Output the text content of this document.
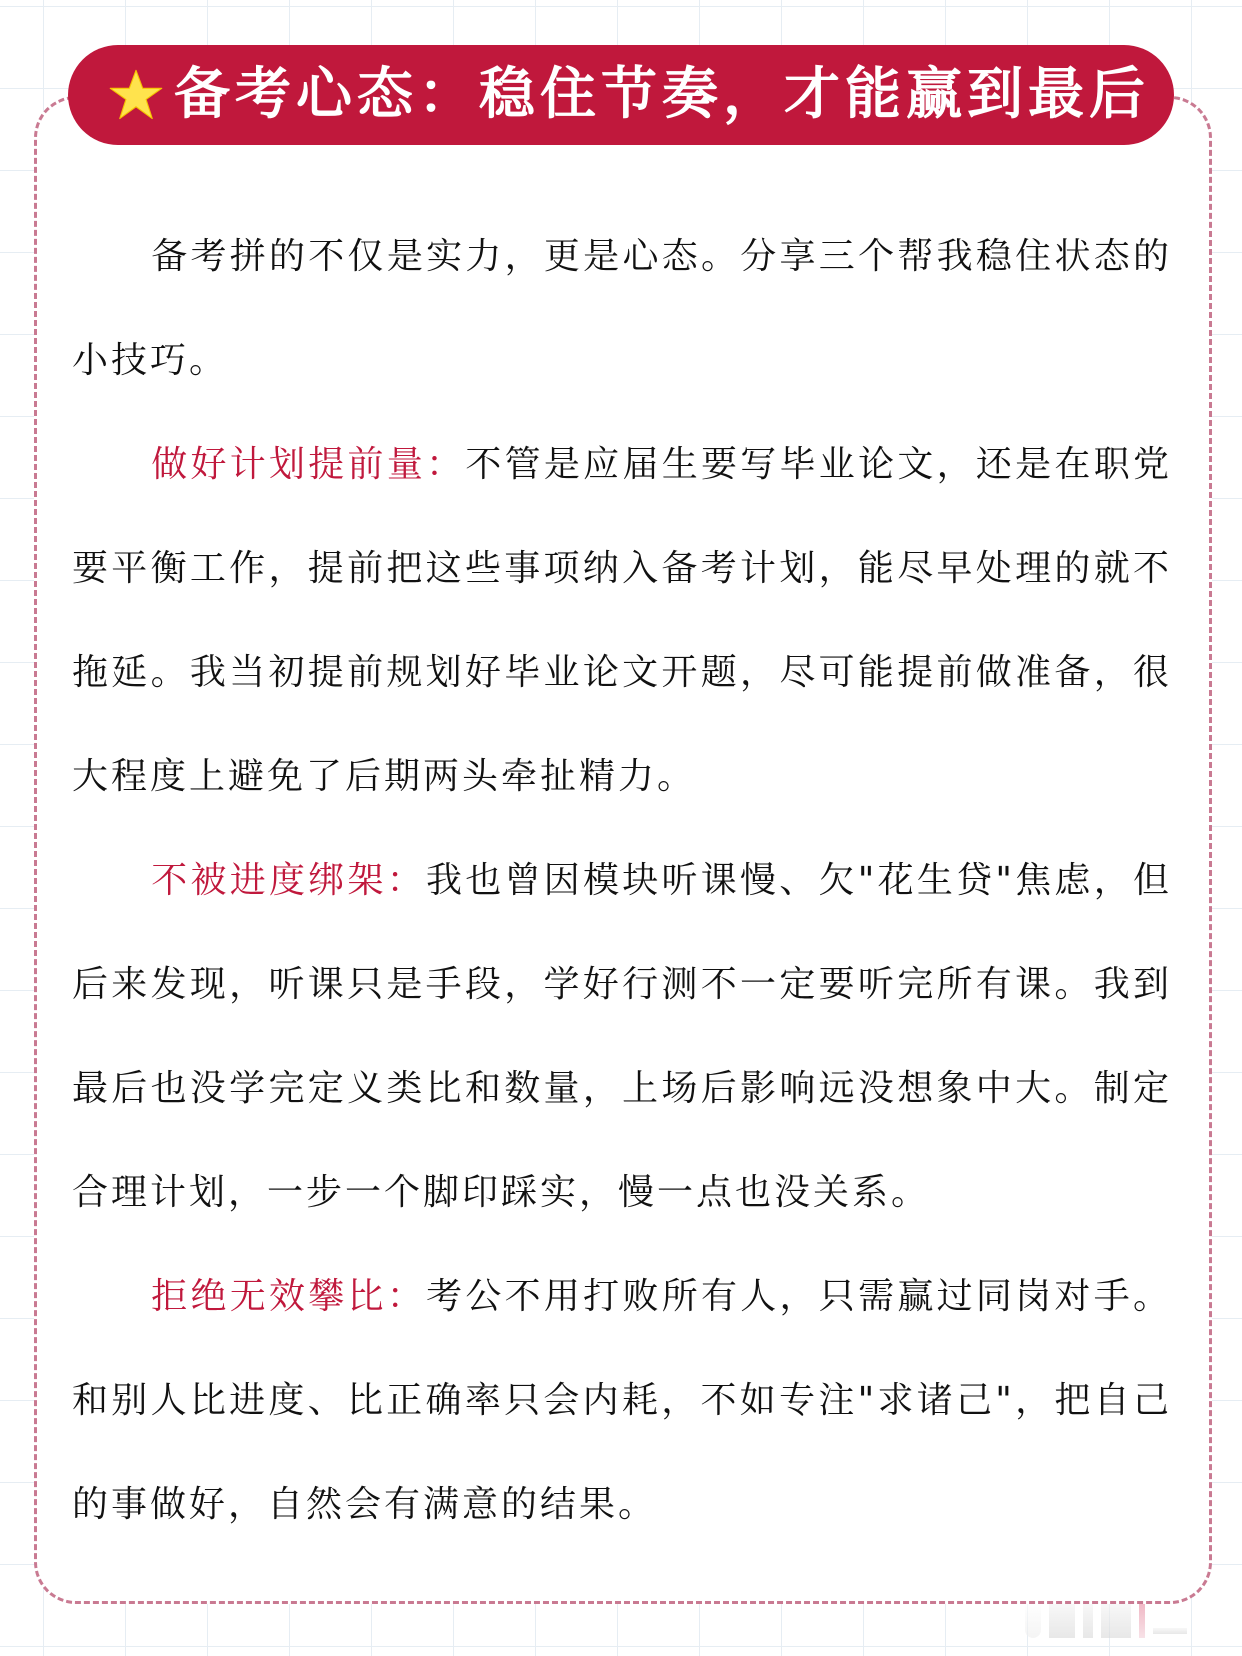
备考心态：稳住节奏，才能赢到最后

备考拼的不仅是实力，更是心态。分享三个帮我稳住状态的小技巧。

做好计划提前量：不管是应届生要写毕业论文，还是在职党要平衡工作，提前把这些事项纳入备考计划，能尽早处理的就不拖延。我当初提前规划好毕业论文开题，尽可能提前做准备，很大程度上避免了后期两头牵扯精力。

不被进度绑架：我也曾因模块听课慢、欠"花生贷"焦虑，但后来发现，听课只是手段，学好行测不一定要听完所有课。我到最后也没学完定义类比和数量，上场后影响远没想象中大。制定合理计划，一步一个脚印踩实，慢一点也没关系。

拒绝无效攀比：考公不用打败所有人，只需赢过同岗对手。和别人比进度、比正确率只会内耗，不如专注"求诸己"，把自己的事做好，自然会有满意的结果。
